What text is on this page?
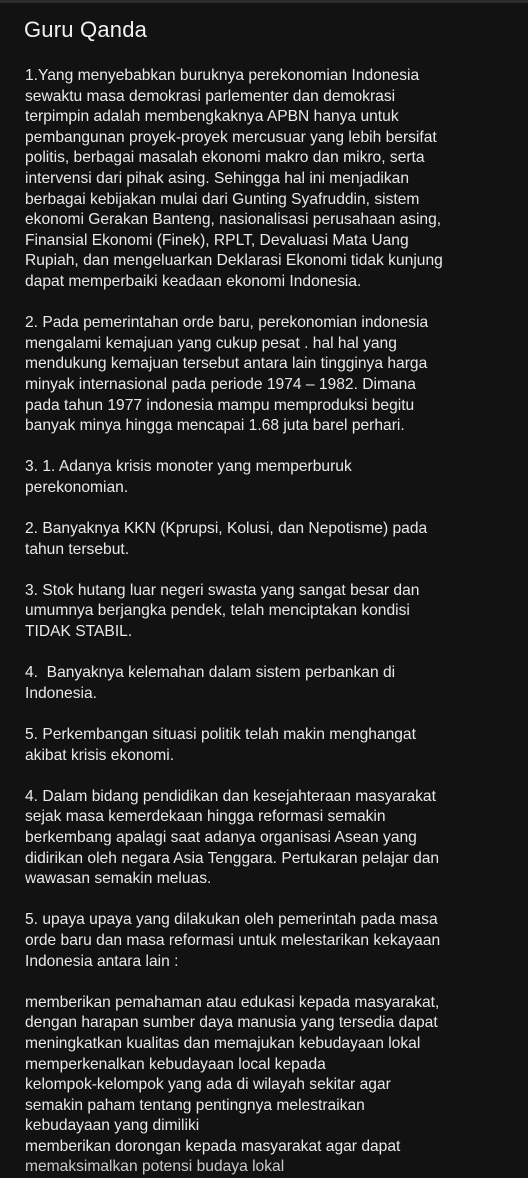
Guru Qanda

1.Yang menyebabkan buruknya perekonomian Indonesia

sewaktu masa demokrasi parlementer dan demokrasi

terpimpin adalah membengkaknya APBN hanya untuk

pembangunan proyek-proyek mercusuar yang lebih bersifat

politis, berbagai masalah ekonomi makro dan mikro, serta

intervensi dari pihak asing. Sehingga hal ini menjadikan

berbagai kebijakan mulai dari Gunting Syafruddin, sistem

ekonomi Gerakan Banteng, nasionalisasi perusahaan asing,

Finansial Ekonomi (Finek), RPLT, Devaluasi Mata Uang

Rupiah, dan mengeluarkan Deklarasi Ekonomi tidak kunjung

dapat memperbaiki keadaan ekonomi Indonesia.

2. Pada pemerintahan orde baru, perekonomian indonesia

mengalami kemajuan yang cukup pesat . hal hal yang

mendukung kemajuan tersebut antara lain tingginya harga

minyak internasional pada periode 1974 – 1982. Dimana

pada tahun 1977 indonesia mampu memproduksi begitu

banyak minya hingga mencapai 1.68 juta barel perhari.

3. 1. Adanya krisis monoter yang memperburuk

perekonomian.

2. Banyaknya KKN (Kprupsi, Kolusi, dan Nepotisme) pada

tahun tersebut.

3. Stok hutang luar negeri swasta yang sangat besar dan

umumnya berjangka pendek, telah menciptakan kondisi

TIDAK STABIL.

4.  Banyaknya kelemahan dalam sistem perbankan di

Indonesia.

5. Perkembangan situasi politik telah makin menghangat

akibat krisis ekonomi.

4. Dalam bidang pendidikan dan kesejahteraan masyarakat

sejak masa kemerdekaan hingga reformasi semakin

berkembang apalagi saat adanya organisasi Asean yang

didirikan oleh negara Asia Tenggara. Pertukaran pelajar dan

wawasan semakin meluas.

5. upaya upaya yang dilakukan oleh pemerintah pada masa

orde baru dan masa reformasi untuk melestarikan kekayaan

Indonesia antara lain :

memberikan pemahaman atau edukasi kepada masyarakat,

dengan harapan sumber daya manusia yang tersedia dapat

meningkatkan kualitas dan memajukan kebudayaan lokal

memperkenalkan kebudayaan local kepada

kelompok-kelompok yang ada di wilayah sekitar agar

semakin paham tentang pentingnya melestraikan

kebudayaan yang dimiliki

memberikan dorongan kepada masyarakat agar dapat

memaksimalkan potensi budaya lokal
